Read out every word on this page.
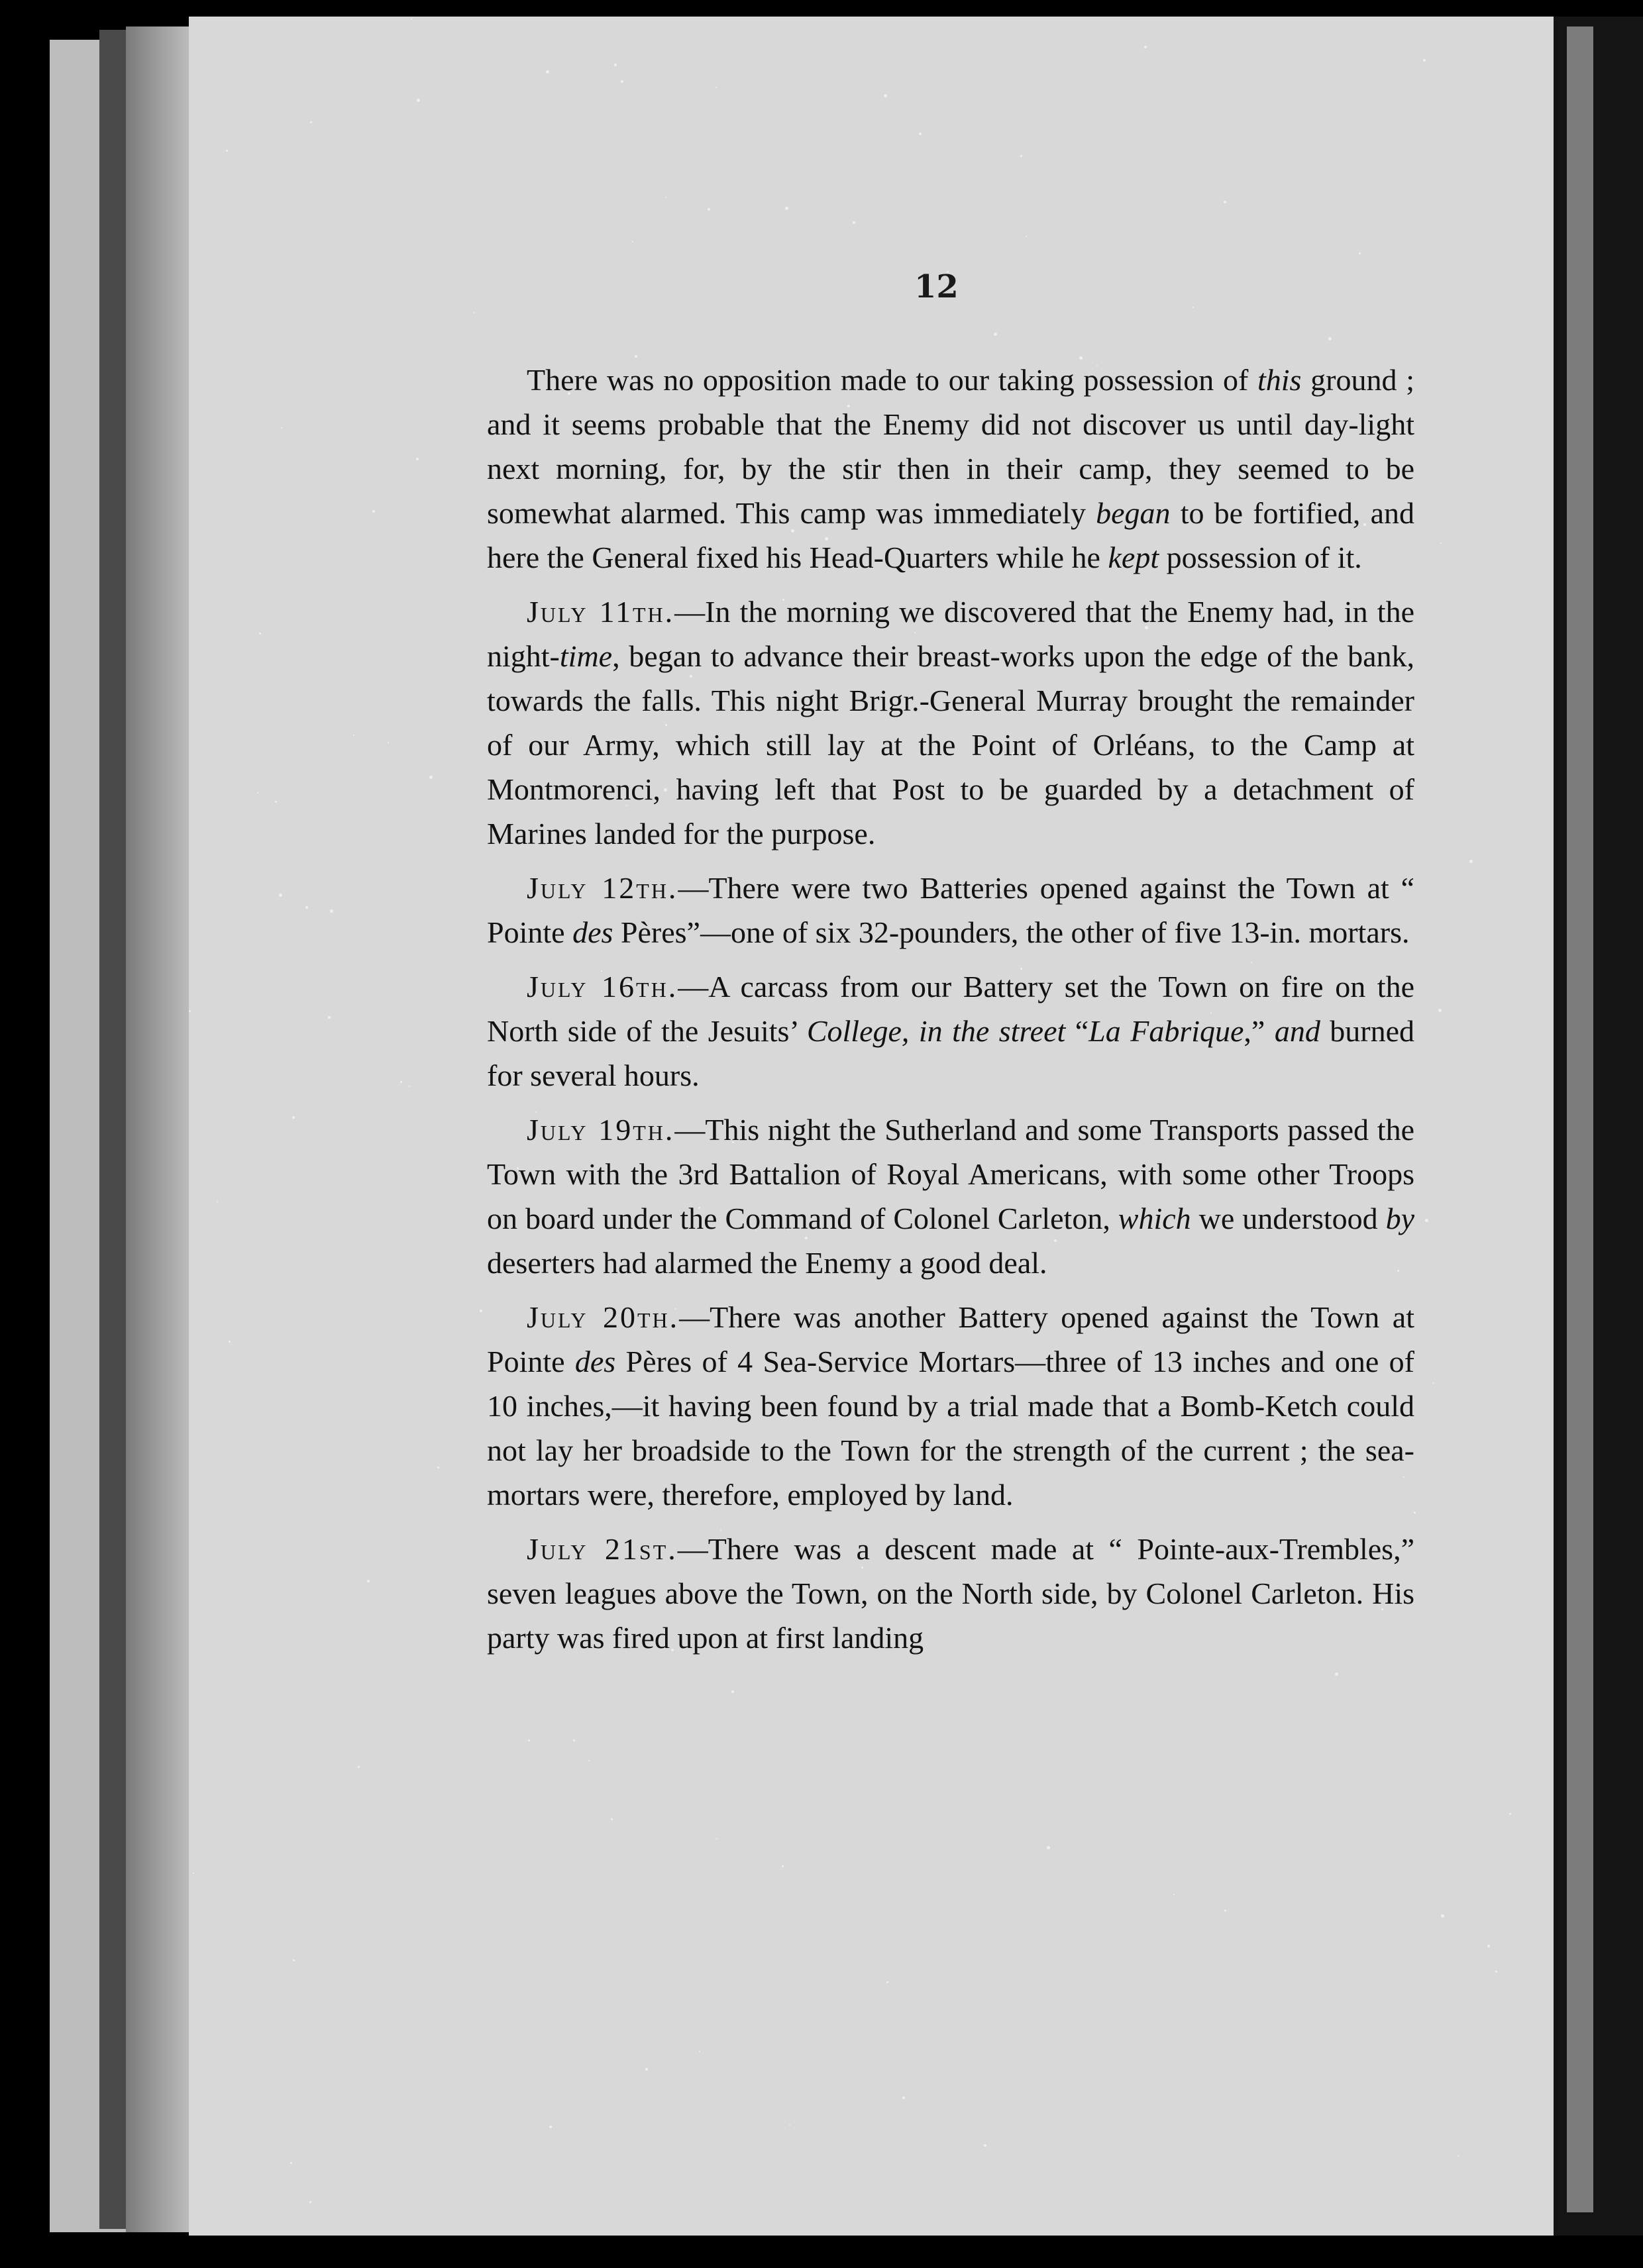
12

There was no opposition made to our taking possession of this ground ; and it seems probable that the Enemy did not discover us until day-light next morning, for, by the stir then in their camp, they seemed to be somewhat alarmed. This camp was immediately began to be fortified, and here the General fixed his Head-Quarters while he kept possession of it.

July 11th.—In the morning we discovered that the Enemy had, in the night-time, began to advance their breast-works upon the edge of the bank, towards the falls. This night Brigr.-General Murray brought the remainder of our Army, which still lay at the Point of Orléans, to the Camp at Montmorenci, having left that Post to be guarded by a detachment of Marines landed for the purpose.

July 12th.—There were two Batteries opened against the Town at “ Pointe des Pères”—one of six 32-pounders, the other of five 13-in. mortars.

July 16th.—A carcass from our Battery set the Town on fire on the North side of the Jesuits’ College, in the street “La Fabrique,” and burned for several hours.

July 19th.—This night the Sutherland and some Transports passed the Town with the 3rd Battalion of Royal Americans, with some other Troops on board under the Command of Colonel Carleton, which we understood by deserters had alarmed the Enemy a good deal.

July 20th.—There was another Battery opened against the Town at Pointe des Pères of 4 Sea-Service Mortars—three of 13 inches and one of 10 inches,—it having been found by a trial made that a Bomb-Ketch could not lay her broadside to the Town for the strength of the current ; the sea-mortars were, therefore, employed by land.

July 21st.—There was a descent made at “ Pointe-aux-Trembles,” seven leagues above the Town, on the North side, by Colonel Carleton. His party was fired upon at first landing
